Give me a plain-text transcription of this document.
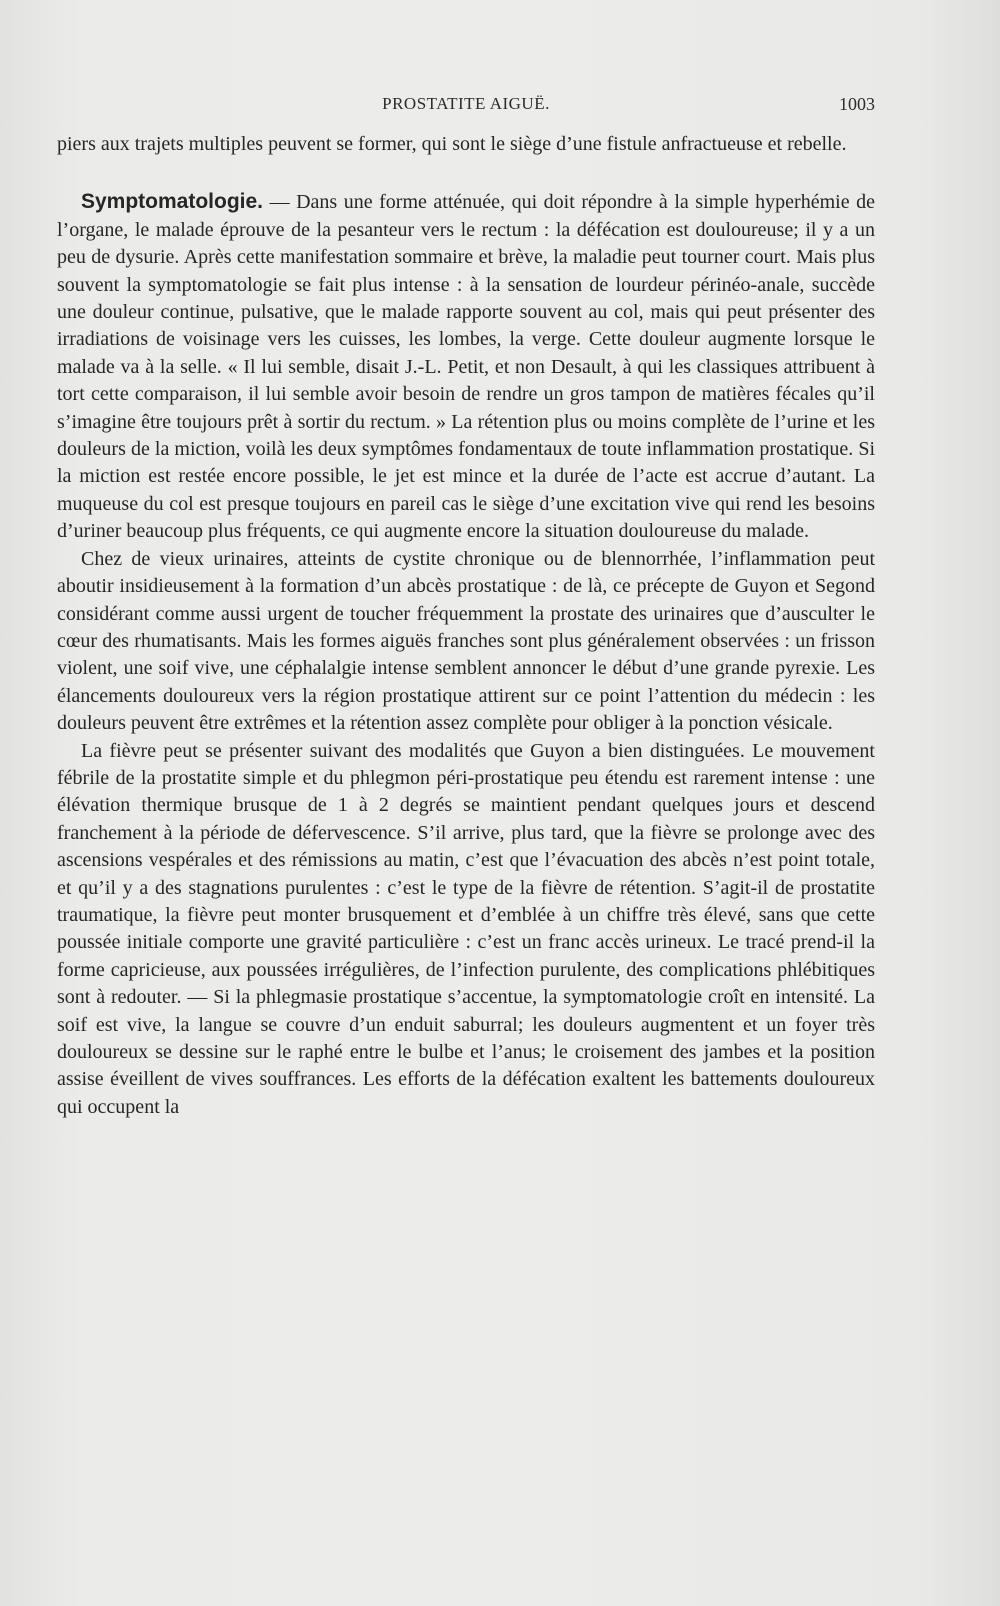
PROSTATITE AIGUË.	1003

piers aux trajets multiples peuvent se former, qui sont le siège d’une fistule anfractueuse et rebelle.

Symptomatologie. — Dans une forme atténuée, qui doit répondre à la simple hyperhémie de l’organe, le malade éprouve de la pesanteur vers le rectum : la défécation est douloureuse; il y a un peu de dysurie. Après cette manifestation sommaire et brève, la maladie peut tourner court. Mais plus souvent la symptomatologie se fait plus intense : à la sensation de lourdeur périnéo-anale, succède une douleur continue, pulsative, que le malade rapporte souvent au col, mais qui peut présenter des irradiations de voisinage vers les cuisses, les lombes, la verge. Cette douleur augmente lorsque le malade va à la selle. « Il lui semble, disait J.-L. Petit, et non Desault, à qui les classiques attribuent à tort cette comparaison, il lui semble avoir besoin de rendre un gros tampon de matières fécales qu’il s’imagine être toujours prêt à sortir du rectum. » La rétention plus ou moins complète de l’urine et les douleurs de la miction, voilà les deux symptômes fondamentaux de toute inflammation prostatique. Si la miction est restée encore possible, le jet est mince et la durée de l’acte est accrue d’autant. La muqueuse du col est presque toujours en pareil cas le siège d’une excitation vive qui rend les besoins d’uriner beaucoup plus fréquents, ce qui augmente encore la situation douloureuse du malade.

Chez de vieux urinaires, atteints de cystite chronique ou de blennorrhée, l’inflammation peut aboutir insidieusement à la formation d’un abcès prostatique : de là, ce précepte de Guyon et Segond considérant comme aussi urgent de toucher fréquemment la prostate des urinaires que d’ausculter le cœur des rhumatisants. Mais les formes aiguës franches sont plus généralement observées : un frisson violent, une soif vive, une céphalalgie intense semblent annoncer le début d’une grande pyrexie. Les élancements douloureux vers la région prostatique attirent sur ce point l’attention du médecin : les douleurs peuvent être extrêmes et la rétention assez complète pour obliger à la ponction vésicale.

La fièvre peut se présenter suivant des modalités que Guyon a bien distinguées. Le mouvement fébrile de la prostatite simple et du phlegmon péri-prostatique peu étendu est rarement intense : une élévation thermique brusque de 1 à 2 degrés se maintient pendant quelques jours et descend franchement à la période de défervescence. S’il arrive, plus tard, que la fièvre se prolonge avec des ascensions vespérales et des rémissions au matin, c’est que l’évacuation des abcès n’est point totale, et qu’il y a des stagnations purulentes : c’est le type de la fièvre de rétention. S’agit-il de prostatite traumatique, la fièvre peut monter brusquement et d’emblée à un chiffre très élevé, sans que cette poussée initiale comporte une gravité particulière : c’est un franc accès urineux. Le tracé prend-il la forme capricieuse, aux poussées irrégulières, de l’infection purulente, des complications phlébitiques sont à redouter. — Si la phlegmasie prostatique s’accentue, la symptomatologie croît en intensité. La soif est vive, la langue se couvre d’un enduit saburral; les douleurs augmentent et un foyer très douloureux se dessine sur le raphé entre le bulbe et l’anus; le croisement des jambes et la position assise éveillent de vives souffrances. Les efforts de la défécation exaltent les battements douloureux qui occupent la
